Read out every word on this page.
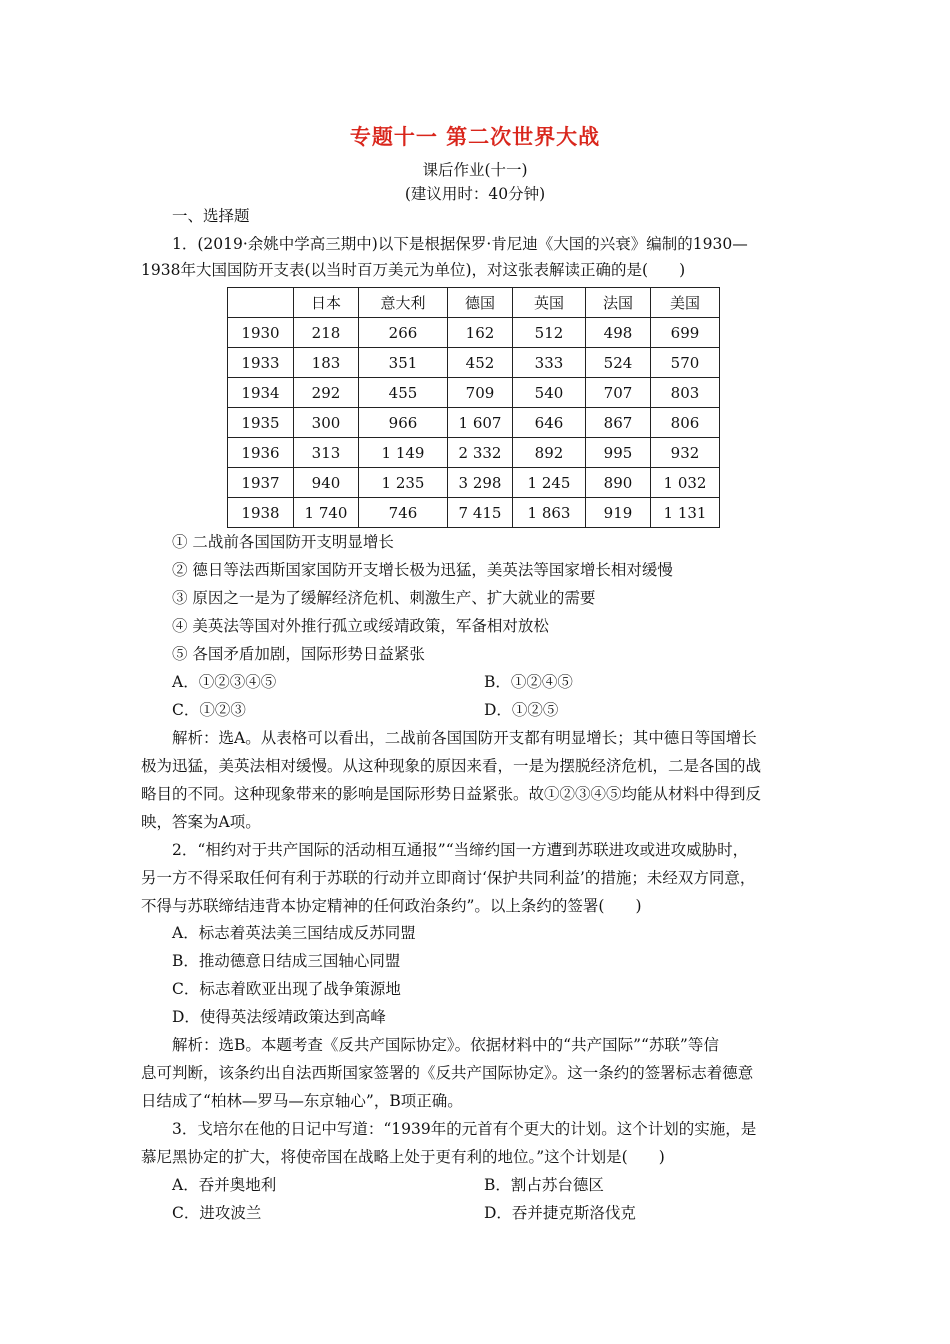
专题十一 第二次世界大战
课后作业(十一)
(建议用时：40分钟)
一、选择题
1．(2019·余姚中学高三期中)以下是根据保罗·肯尼迪《大国的兴衰》编制的1930—
1938年大国国防开支表(以当时百万美元为单位)，对这张表解读正确的是(　　)
	日本	意大利	德国	英国	法国	美国
1930	218	266	162	512	498	699
1933	183	351	452	333	524	570
1934	292	455	709	540	707	803
1935	300	966	1 607	646	867	806
1936	313	1 149	2 332	892	995	932
1937	940	1 235	3 298	1 245	890	1 032
1938	1 740	746	7 415	1 863	919	1 131
① 二战前各国国防开支明显增长
② 德日等法西斯国家国防开支增长极为迅猛，美英法等国家增长相对缓慢
③ 原因之一是为了缓解经济危机、刺激生产、扩大就业的需要
④ 美英法等国对外推行孤立或绥靖政策，军备相对放松
⑤ 各国矛盾加剧，国际形势日益紧张
A．①②③④⑤	B．①②④⑤
C．①②③	D．①②⑤
解析：选A。从表格可以看出，二战前各国国防开支都有明显增长；其中德日等国增长
极为迅猛，美英法相对缓慢。从这种现象的原因来看，一是为摆脱经济危机，二是各国的战
略目的不同。这种现象带来的影响是国际形势日益紧张。故①②③④⑤均能从材料中得到反
映，答案为A项。
2．“相约对于共产国际的活动相互通报”“当缔约国一方遭到苏联进攻或进攻威胁时，
另一方不得采取任何有利于苏联的行动并立即商讨‘保护共同利益’的措施；未经双方同意，
不得与苏联缔结违背本协定精神的任何政治条约”。以上条约的签署(　　)
A．标志着英法美三国结成反苏同盟
B．推动德意日结成三国轴心同盟
C．标志着欧亚出现了战争策源地
D．使得英法绥靖政策达到高峰
解析：选B。本题考查《反共产国际协定》。依据材料中的“共产国际”“苏联”等信
息可判断，该条约出自法西斯国家签署的《反共产国际协定》。这一条约的签署标志着德意
日结成了“柏林—罗马—东京轴心”，B项正确。
3．戈培尔在他的日记中写道：“1939年的元首有个更大的计划。这个计划的实施，是
慕尼黑协定的扩大，将使帝国在战略上处于更有利的地位。”这个计划是(　　)
A．吞并奥地利	B．割占苏台德区
C．进攻波兰	D．吞并捷克斯洛伐克
